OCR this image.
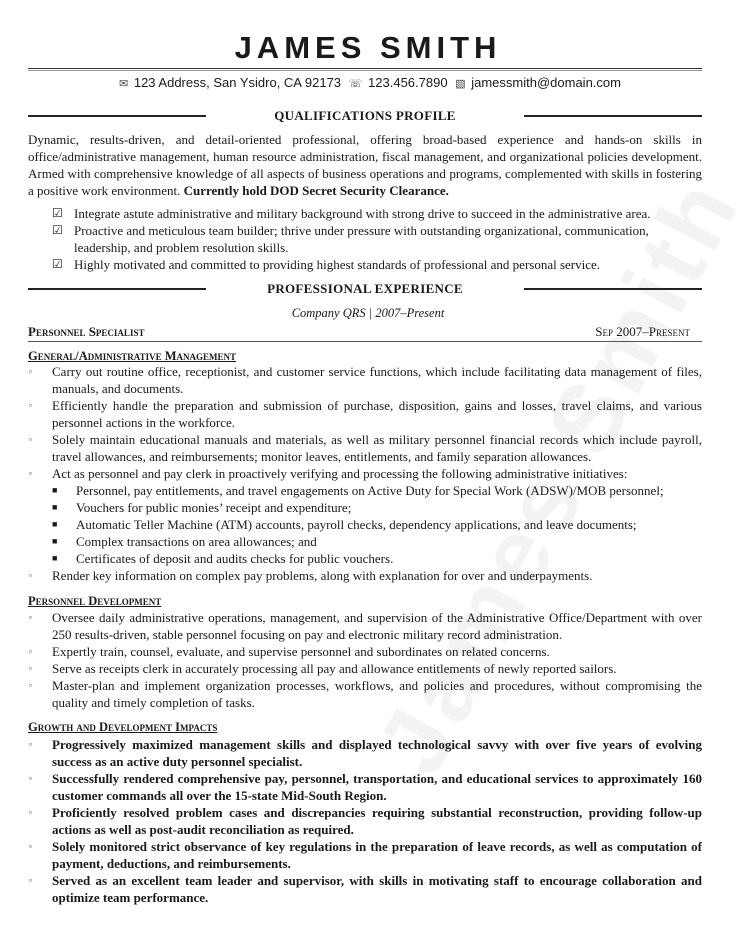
JAMES SMITH
✉ 123 Address, San Ysidro, CA 92173 ☏ 123.456.7890 ▧ jamessmith@domain.com
QUALIFICATIONS PROFILE
Dynamic, results-driven, and detail-oriented professional, offering broad-based experience and hands-on skills in office/administrative management, human resource administration, fiscal management, and organizational policies development. Armed with comprehensive knowledge of all aspects of business operations and programs, complemented with skills in fostering a positive work environment. Currently hold DOD Secret Security Clearance.
☑ Integrate astute administrative and military background with strong drive to succeed in the administrative area.
☑ Proactive and meticulous team builder; thrive under pressure with outstanding organizational, communication, leadership, and problem resolution skills.
☑ Highly motivated and committed to providing highest standards of professional and personal service.
PROFESSIONAL EXPERIENCE
Company QRS | 2007–Present
Personnel Specialist	Sep 2007–Present
General/Administrative Management
▫ Carry out routine office, receptionist, and customer service functions, which include facilitating data management of files, manuals, and documents.
▫ Efficiently handle the preparation and submission of purchase, disposition, gains and losses, travel claims, and various personnel actions in the workforce.
▫ Solely maintain educational manuals and materials, as well as military personnel financial records which include payroll, travel allowances, and reimbursements; monitor leaves, entitlements, and family separation allowances.
▫ Act as personnel and pay clerk in proactively verifying and processing the following administrative initiatives:
■ Personnel, pay entitlements, and travel engagements on Active Duty for Special Work (ADSW)/MOB personnel;
■ Vouchers for public monies’ receipt and expenditure;
■ Automatic Teller Machine (ATM) accounts, payroll checks, dependency applications, and leave documents;
■ Complex transactions on area allowances; and
■ Certificates of deposit and audits checks for public vouchers.
▫ Render key information on complex pay problems, along with explanation for over and underpayments.
Personnel Development
▫ Oversee daily administrative operations, management, and supervision of the Administrative Office/Department with over 250 results-driven, stable personnel focusing on pay and electronic military record administration.
▫ Expertly train, counsel, evaluate, and supervise personnel and subordinates on related concerns.
▫ Serve as receipts clerk in accurately processing all pay and allowance entitlements of newly reported sailors.
▫ Master-plan and implement organization processes, workflows, and policies and procedures, without compromising the quality and timely completion of tasks.
Growth and Development Impacts
▫ Progressively maximized management skills and displayed technological savvy with over five years of evolving success as an active duty personnel specialist.
▫ Successfully rendered comprehensive pay, personnel, transportation, and educational services to approximately 160 customer commands all over the 15-state Mid-South Region.
▫ Proficiently resolved problem cases and discrepancies requiring substantial reconstruction, providing follow-up actions as well as post-audit reconciliation as required.
▫ Solely monitored strict observance of key regulations in the preparation of leave records, as well as computation of payment, deductions, and reimbursements.
▫ Served as an excellent team leader and supervisor, with skills in motivating staff to encourage collaboration and optimize team performance.
